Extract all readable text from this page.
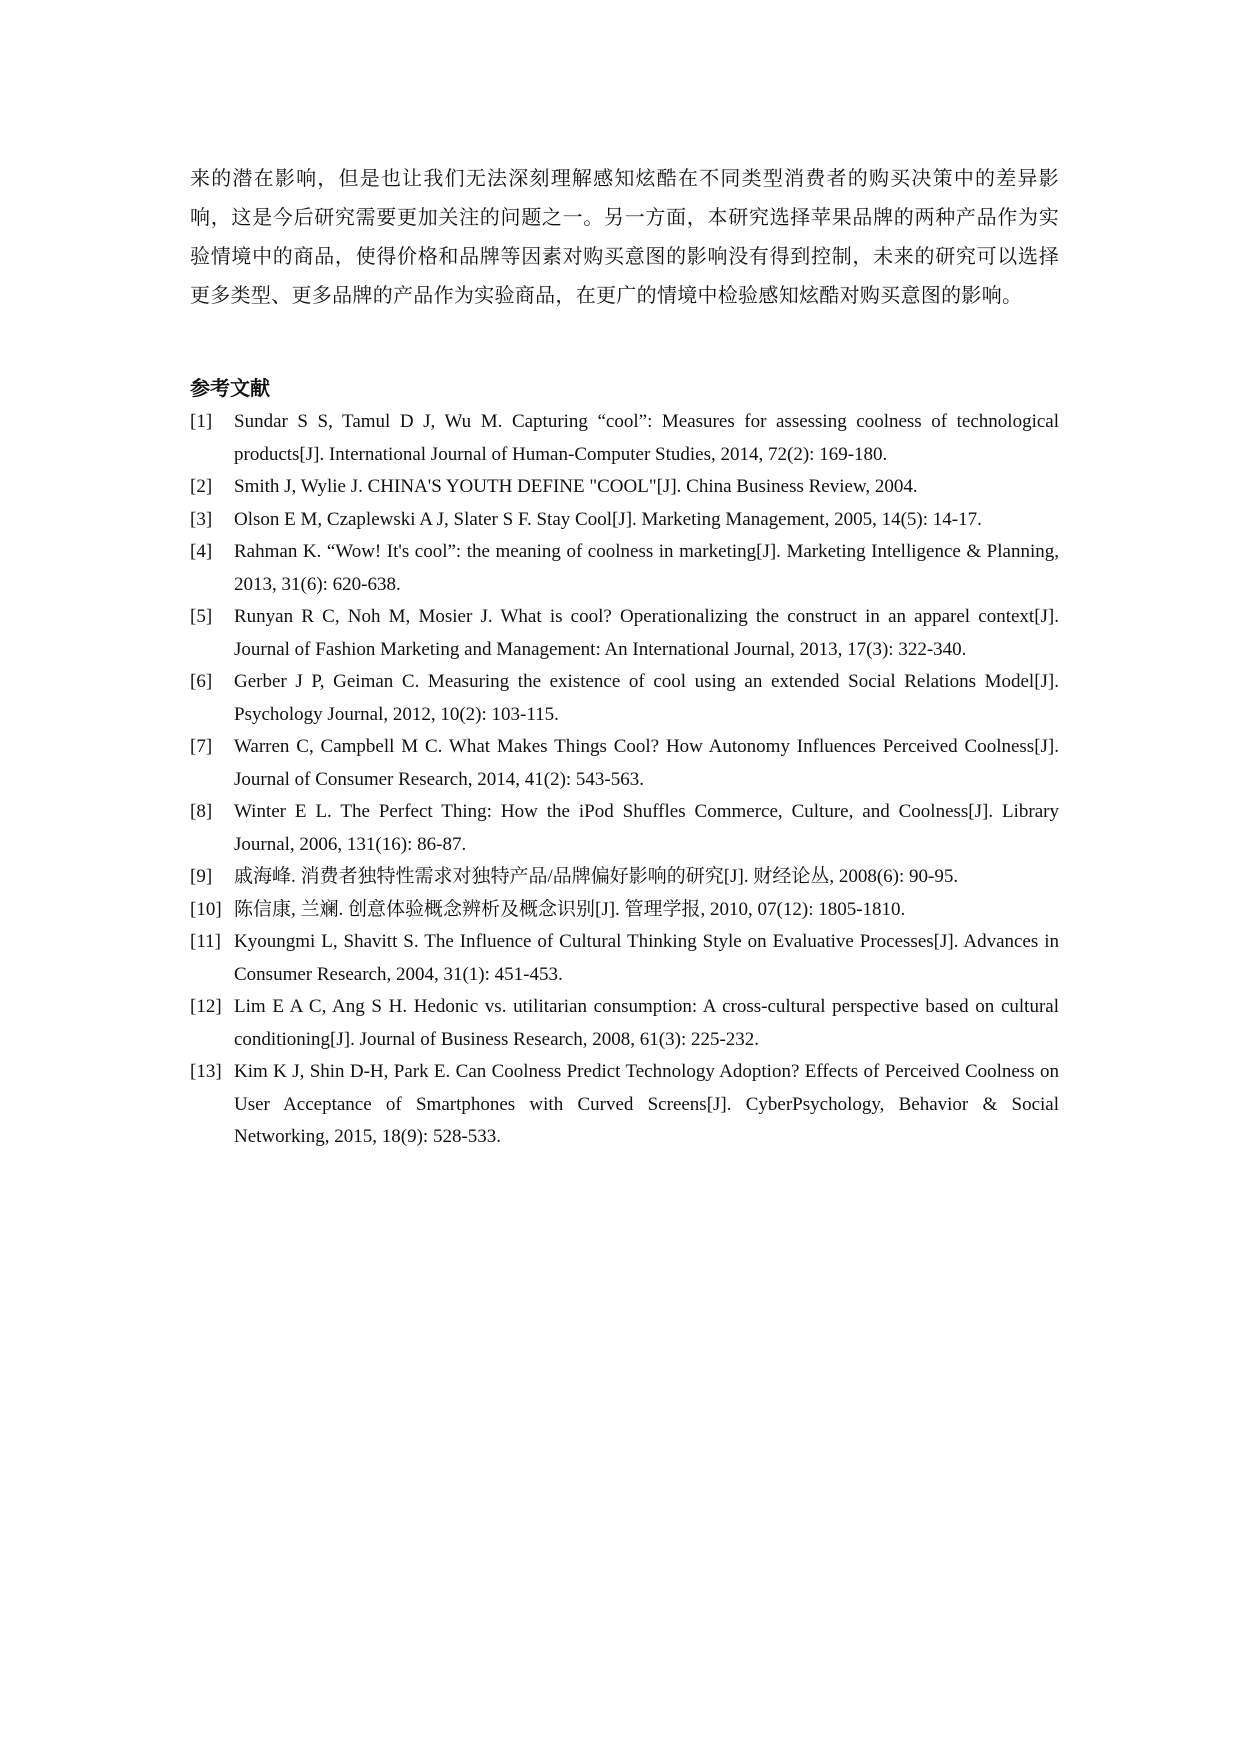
来的潜在影响，但是也让我们无法深刻理解感知炫酷在不同类型消费者的购买决策中的差异影响，这是今后研究需要更加关注的问题之一。另一方面，本研究选择苹果品牌的两种产品作为实验情境中的商品，使得价格和品牌等因素对购买意图的影响没有得到控制，未来的研究可以选择更多类型、更多品牌的产品作为实验商品，在更广的情境中检验感知炫酷对购买意图的影响。

参考文献
[1]	Sundar S S, Tamul D J, Wu M. Capturing “cool”: Measures for assessing coolness of technological products[J]. International Journal of Human-Computer Studies, 2014, 72(2): 169-180.
[2]	Smith J, Wylie J. CHINA'S YOUTH DEFINE "COOL"[J]. China Business Review, 2004.
[3]	Olson E M, Czaplewski A J, Slater S F. Stay Cool[J]. Marketing Management, 2005, 14(5): 14-17.
[4]	Rahman K. “Wow! It's cool”: the meaning of coolness in marketing[J]. Marketing Intelligence & Planning, 2013, 31(6): 620-638.
[5]	Runyan R C, Noh M, Mosier J. What is cool? Operationalizing the construct in an apparel context[J]. Journal of Fashion Marketing and Management: An International Journal, 2013, 17(3): 322-340.
[6]	Gerber J P, Geiman C. Measuring the existence of cool using an extended Social Relations Model[J]. Psychology Journal, 2012, 10(2): 103-115.
[7]	Warren C, Campbell M C. What Makes Things Cool? How Autonomy Influences Perceived Coolness[J]. Journal of Consumer Research, 2014, 41(2): 543-563.
[8]	Winter E L. The Perfect Thing: How the iPod Shuffles Commerce, Culture, and Coolness[J]. Library Journal, 2006, 131(16): 86-87.
[9]	戚海峰. 消费者独特性需求对独特产品/品牌偏好影响的研究[J]. 财经论丛, 2008(6): 90-95.
[10] 陈信康, 兰斓. 创意体验概念辨析及概念识别[J]. 管理学报, 2010, 07(12): 1805-1810.
[11] Kyoungmi L, Shavitt S. The Influence of Cultural Thinking Style on Evaluative Processes[J]. Advances in Consumer Research, 2004, 31(1): 451-453.
[12] Lim E A C, Ang S H. Hedonic vs. utilitarian consumption: A cross-cultural perspective based on cultural conditioning[J]. Journal of Business Research, 2008, 61(3): 225-232.
[13] Kim K J, Shin D-H, Park E. Can Coolness Predict Technology Adoption? Effects of Perceived Coolness on User Acceptance of Smartphones with Curved Screens[J]. CyberPsychology, Behavior & Social Networking, 2015, 18(9): 528-533.
